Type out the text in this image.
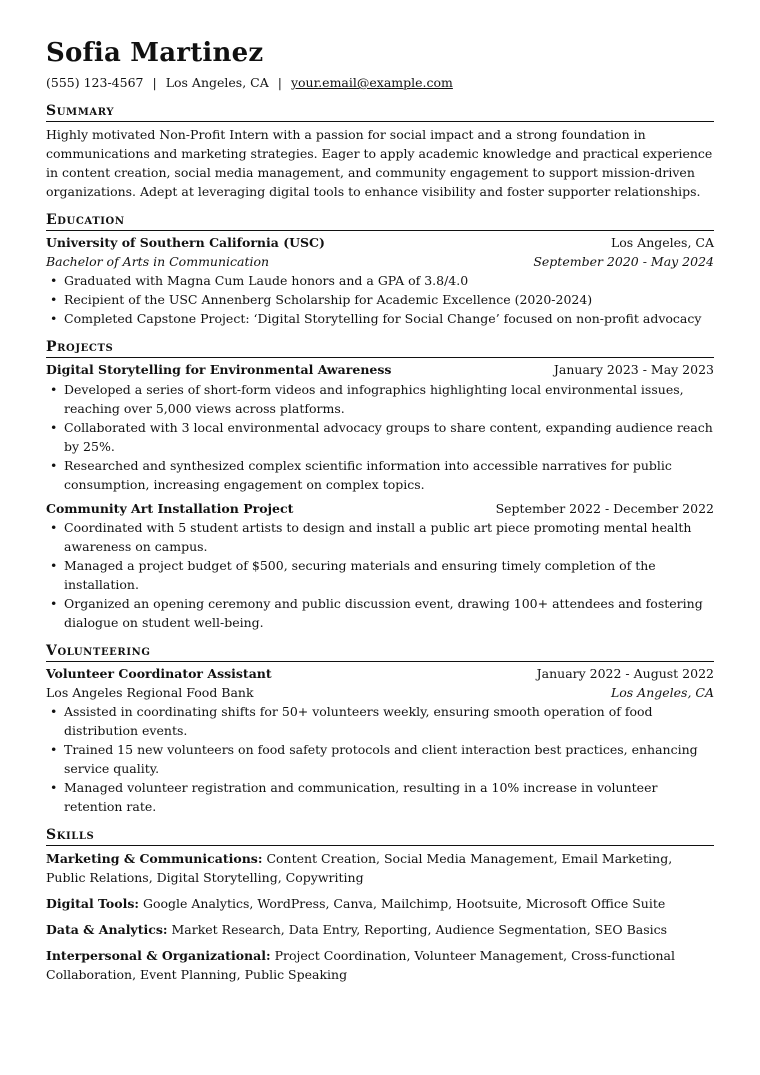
Sofia Martinez
(555) 123-4567 | Los Angeles, CA | your.email@example.com
Summary

Highly motivated Non-Profit Intern with a passion for social impact and a strong foundation in communications and marketing strategies. Eager to apply academic knowledge and practical experience in content creation, social media management, and community engagement to support mission-driven organizations. Adept at leveraging digital tools to enhance visibility and foster supporter relationships.

Education
University of Southern California (USC)	Los Angeles, CA
Bachelor of Arts in Communication	September 2020 - May 2024
• Graduated with Magna Cum Laude honors and a GPA of 3.8/4.0
• Recipient of the USC Annenberg Scholarship for Academic Excellence (2020-2024)
• Completed Capstone Project: ‘Digital Storytelling for Social Change’ focused on non-profit advocacy
Projects
Digital Storytelling for Environmental Awareness	January 2023 - May 2023
• Developed a series of short-form videos and infographics highlighting local environmental issues, reaching over 5,000 views across platforms.
• Collaborated with 3 local environmental advocacy groups to share content, expanding audience reach by 25%.
• Researched and synthesized complex scientific information into accessible narratives for public consumption, increasing engagement on complex topics.
Community Art Installation Project	September 2022 - December 2022
• Coordinated with 5 student artists to design and install a public art piece promoting mental health awareness on campus.
• Managed a project budget of $500, securing materials and ensuring timely completion of the installation.
• Organized an opening ceremony and public discussion event, drawing 100+ attendees and fostering dialogue on student well-being.
Volunteering
Volunteer Coordinator Assistant	January 2022 - August 2022
Los Angeles Regional Food Bank	Los Angeles, CA
• Assisted in coordinating shifts for 50+ volunteers weekly, ensuring smooth operation of food distribution events.
• Trained 15 new volunteers on food safety protocols and client interaction best practices, enhancing service quality.
• Managed volunteer registration and communication, resulting in a 10% increase in volunteer retention rate.
Skills

Marketing & Communications: Content Creation, Social Media Management, Email Marketing, Public Relations, Digital Storytelling, Copywriting

Digital Tools: Google Analytics, WordPress, Canva, Mailchimp, Hootsuite, Microsoft Office Suite

Data & Analytics: Market Research, Data Entry, Reporting, Audience Segmentation, SEO Basics

Interpersonal & Organizational: Project Coordination, Volunteer Management, Cross-functional Collaboration, Event Planning, Public Speaking
